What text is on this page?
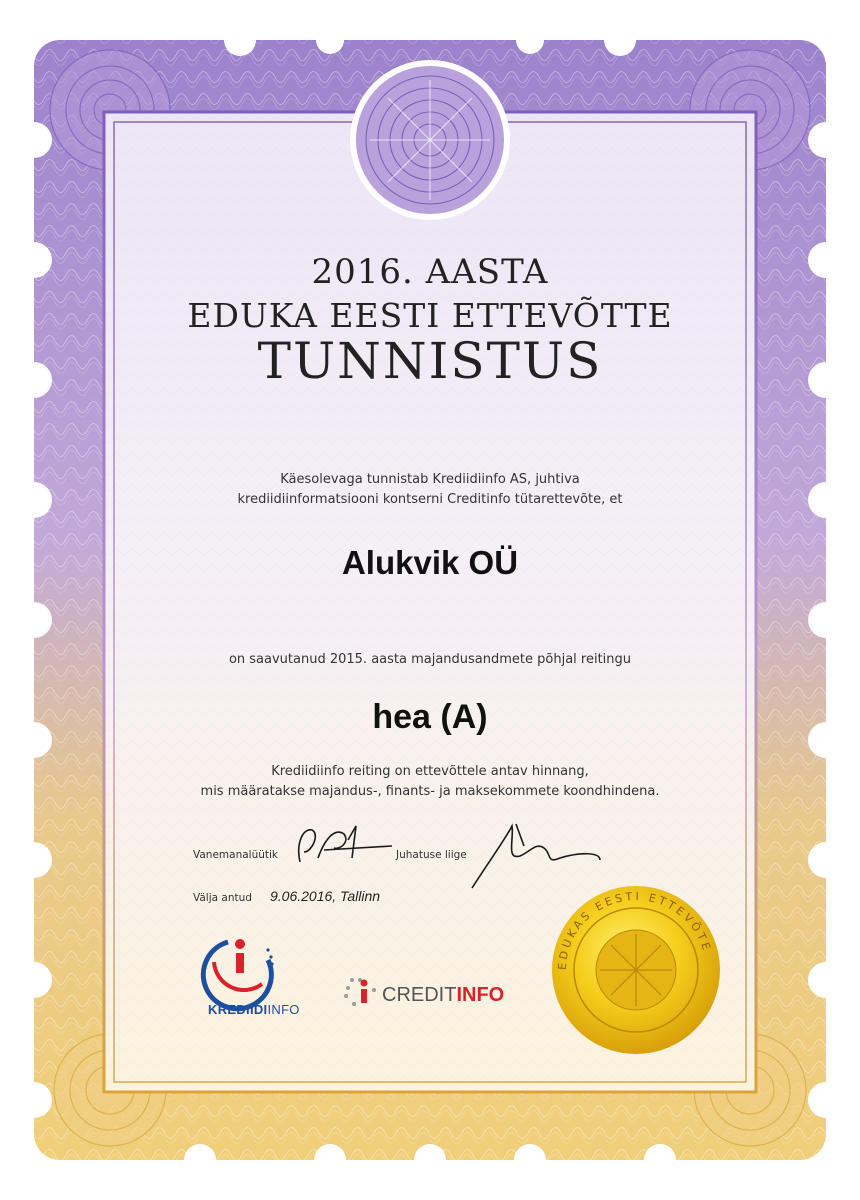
EDUKAS EESTI ETTEVÕTE
2016. AASTA
EDUKA EESTI ETTEVÕTTE
TUNNISTUS
Käesolevaga tunnistab Krediidiinfo AS, juhtiva
krediidiinformatsiooni kontserni Creditinfo tütarettevõte, et
Alukvik OÜ
on saavutanud 2015. aasta majandusandmete põhjal reitingu
hea (A)
Krediidiinfo reiting on ettevõttele antav hinnang,
mis määratakse majandus-, finants- ja maksekommete koondhindena.
Vanemanalüütik	Juhatuse liige
Välja antud 9.06.2016, Tallinn
KREDIIDIINFO
CREDITINFO
